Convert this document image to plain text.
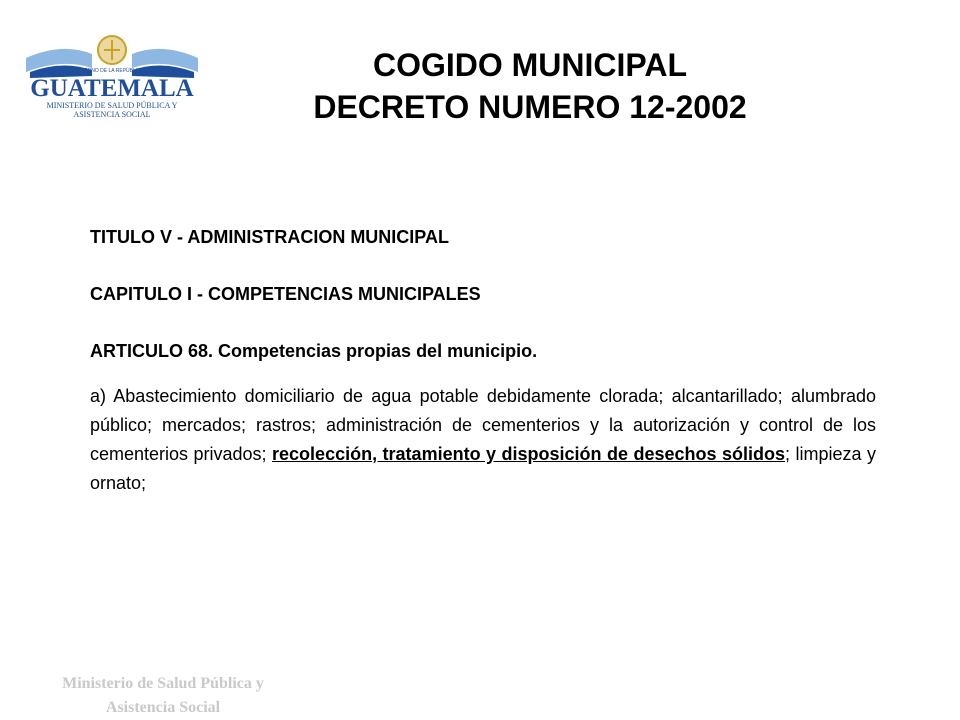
GOBIERNO DE LA REPÚBLICA DE
GUATEMALA
MINISTERIO DE SALUD PÚBLICA Y
ASISTENCIA SOCIAL
COGIDO MUNICIPAL
DECRETO NUMERO 12-2002

TITULO V - ADMINISTRACION MUNICIPAL

CAPITULO I - COMPETENCIAS MUNICIPALES

ARTICULO 68. Competencias propias del municipio.

a) Abastecimiento domiciliario de agua potable debidamente clorada; alcantarillado; alumbrado público; mercados; rastros; administración de cementerios y la autorización y control de los cementerios privados; recolección, tratamiento y disposición de desechos sólidos; limpieza y ornato;

Ministerio de Salud Pública y
Asistencia Social
